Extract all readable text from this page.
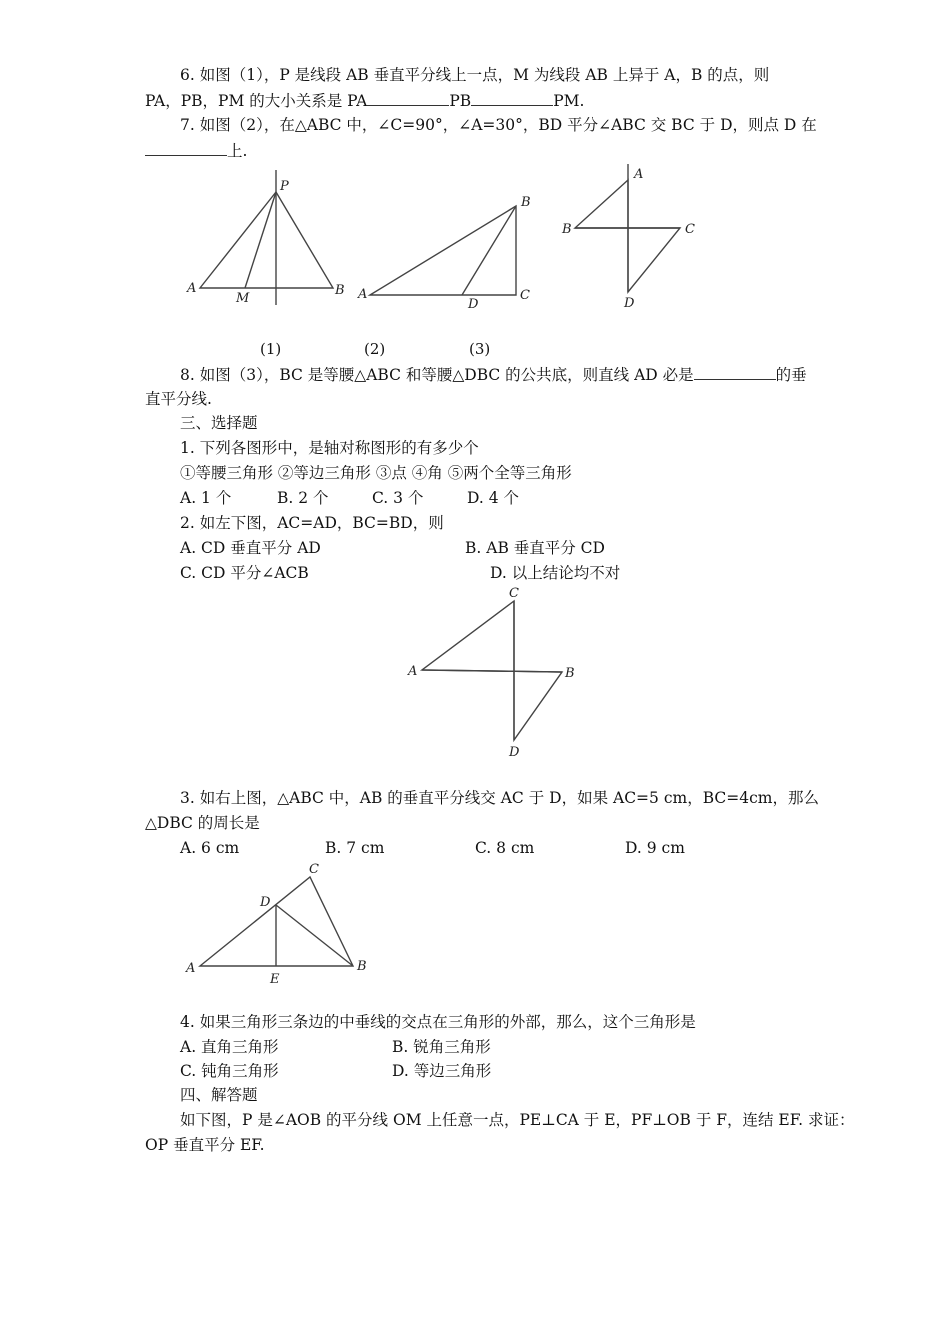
6. 如图（1），P 是线段 AB 垂直平分线上一点，M 为线段 AB 上异于 A，B 的点，则
PA，PB，PM 的大小关系是 PA	PB	PM.
7. 如图（2），在△ABC 中，∠C=90°，∠A=30°，BD 平分∠ABC 交 BC 于 D，则点 D 在
上.
P
A
M
B A
B
C
D
A
B	C
D
(1)	(2)	(3)
8. 如图（3），BC 是等腰△ABC 和等腰△DBC 的公共底，则直线 AD 必是	的垂
直平分线.
三、选择题
1. 下列各图形中，是轴对称图形的有多少个
①等腰三角形 ②等边三角形 ③点 ④角 ⑤两个全等三角形
A. 1 个	B. 2 个	C. 3 个	D. 4 个
2. 如左下图，AC=AD，BC=BD，则
A. CD 垂直平分 AD	B. AB 垂直平分 CD
C. CD 平分∠ACB	D. 以上结论均不对
C
A	B
D
3. 如右上图，△ABC 中，AB 的垂直平分线交 AC 于 D，如果 AC=5 cm，BC=4cm，那么
△DBC 的周长是
A. 6 cm	B. 7 cm	C. 8 cm	D. 9 cm
C
D
A
E
B
4. 如果三角形三条边的中垂线的交点在三角形的外部，那么，这个三角形是
A. 直角三角形	B. 锐角三角形
C. 钝角三角形	D. 等边三角形
四、解答题
如下图，P 是∠AOB 的平分线 OM 上任意一点，PE⊥CA 于 E，PF⊥OB 于 F，连结 EF. 求证：
OP 垂直平分 EF.
